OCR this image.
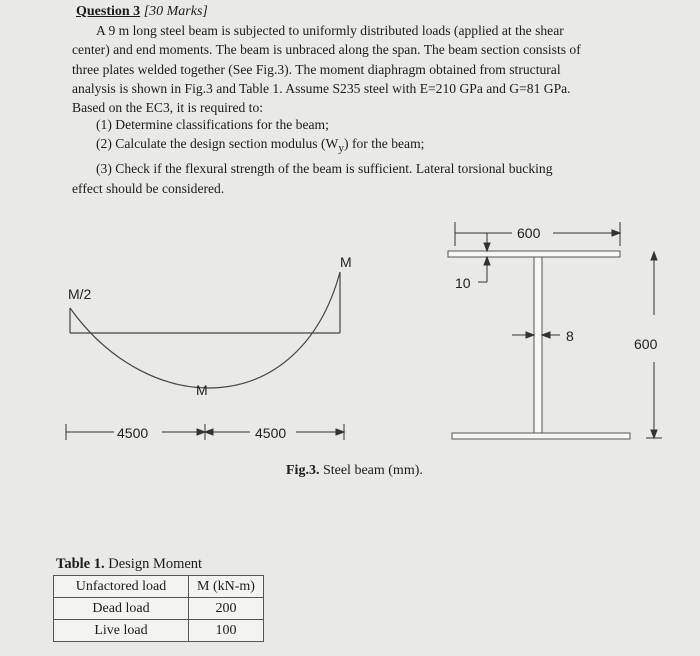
Question 3 [30 Marks]
A 9 m long steel beam is subjected to uniformly distributed loads (applied at the shear
center) and end moments. The beam is unbraced along the span. The beam section consists of
three plates welded together (See Fig.3). The moment diaphragm obtained from structural
analysis is shown in Fig.3 and Table 1. Assume S235 steel with E=210 GPa and G=81 GPa.
Based on the EC3, it is required to:
(1) Determine classifications for the beam;
(2) Calculate the design section modulus $(W_y)$ for the beam;
(3) Check if the flexural strength of the beam is sufficient. Lateral torsional bucking
effect should be considered.
M/2
M
M
4500	4500
600
10
8	600
Fig.3. Steel beam (mm).
Table 1. Design Moment
Unfactored load	M (kN-m)
Dead load	200
Live load	100
